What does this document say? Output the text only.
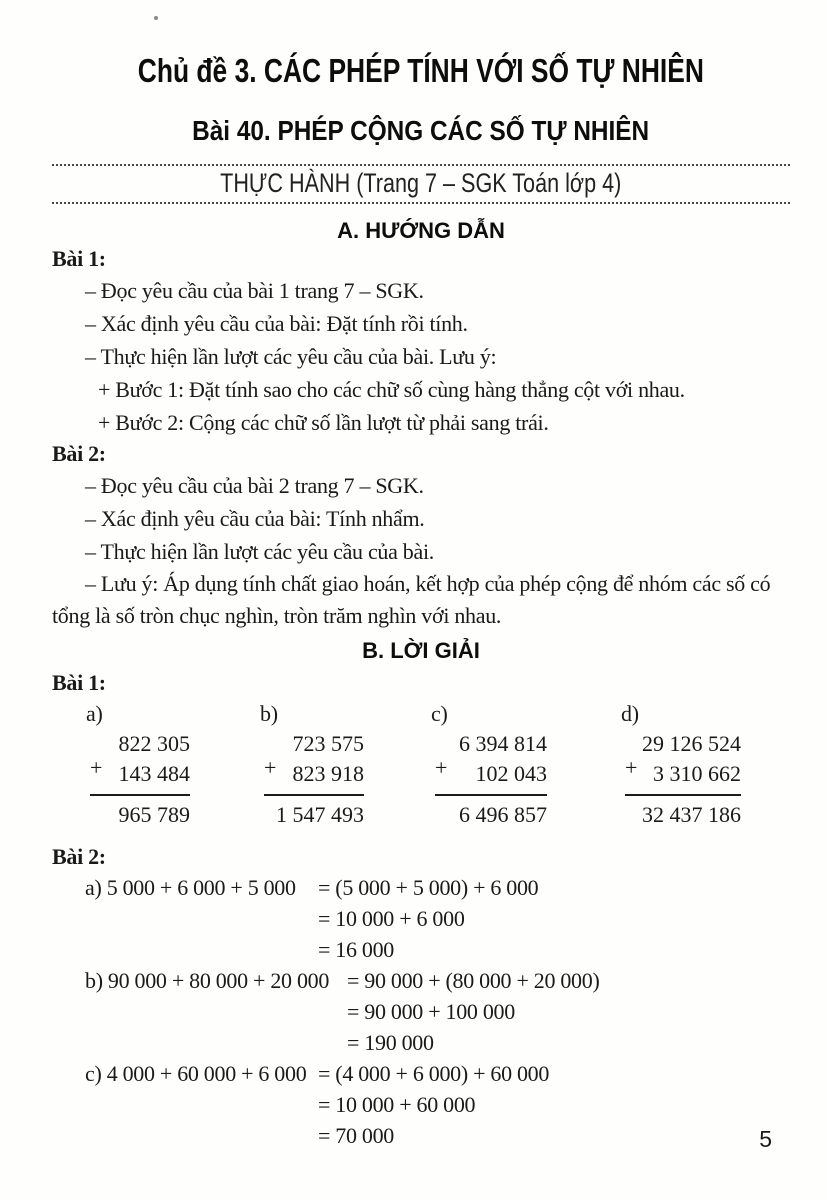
Chủ đề 3. CÁC PHÉP TÍNH VỚI SỐ TỰ NHIÊN
Bài 40. PHÉP CỘNG CÁC SỐ TỰ NHIÊN
THỰC HÀNH (Trang 7 – SGK Toán lớp 4)
A. HƯỚNG DẪN
Bài 1:
– Đọc yêu cầu của bài 1 trang 7 – SGK.
– Xác định yêu cầu của bài: Đặt tính rồi tính.
– Thực hiện lần lượt các yêu cầu của bài. Lưu ý:
+ Bước 1: Đặt tính sao cho các chữ số cùng hàng thẳng cột với nhau.
+ Bước 2: Cộng các chữ số lần lượt từ phải sang trái.
Bài 2:
– Đọc yêu cầu của bài 2 trang 7 – SGK.
– Xác định yêu cầu của bài: Tính nhẩm.
– Thực hiện lần lượt các yêu cầu của bài.
– Lưu ý: Áp dụng tính chất giao hoán, kết hợp của phép cộng để nhóm các số có tổng là số tròn chục nghìn, tròn trăm nghìn với nhau.
B. LỜI GIẢI
Bài 1:
a)
+
822 305
143 484
965 789
b)
+
723 575
823 918
1 547 493
c)
+
6 394 814
102 043
6 496 857
d)
+
29 126 524
3 310 662
32 437 186
Bài 2:
a) 5 000 + 6 000 + 5 000	= (5 000 + 5 000) + 6 000
= 10 000 + 6 000
= 16 000
b) 90 000 + 80 000 + 20 000 = 90 000 + (80 000 + 20 000)
= 90 000 + 100 000
= 190 000
c) 4 000 + 60 000 + 6 000 = (4 000 + 6 000) + 60 000
= 10 000 + 60 000
= 70 000	5
